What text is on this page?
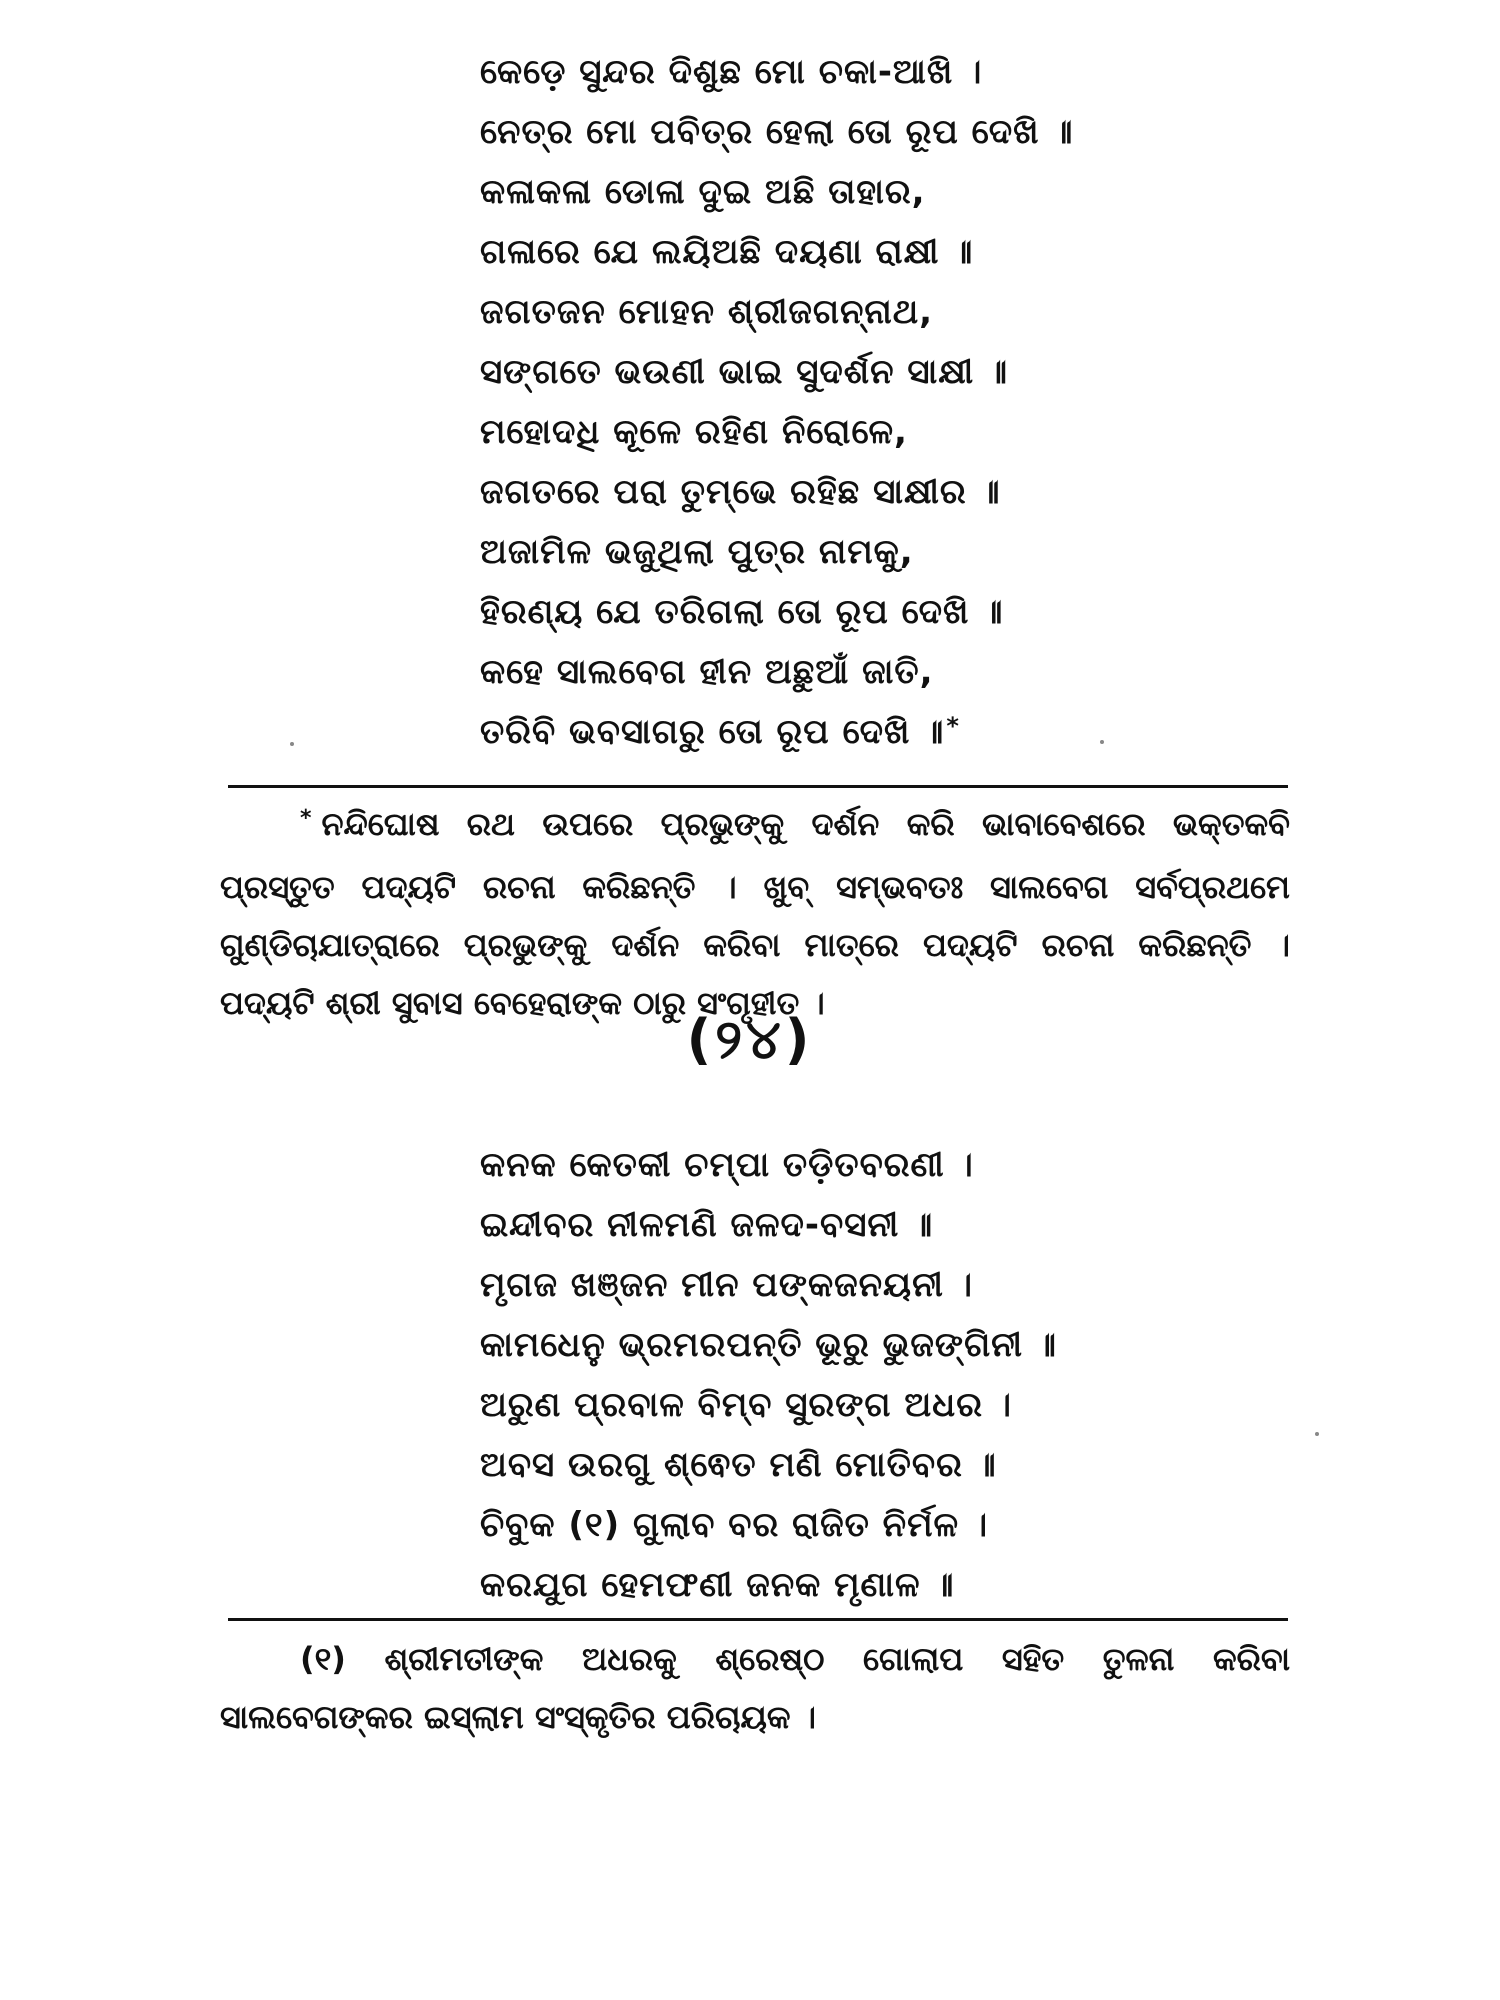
କେଡ଼େ ସୁନ୍ଦର ଦିଶୁଛ ମୋ ଚକା-ଆଖି ।
ନେତ୍ର ମୋ ପବିତ୍ର ହେଲା ତୋ ରୂପ ଦେଖି ॥
କଳାକଳା ଡୋଳା ଦୁଇ ଅଛି ତାହାର,
ଗଳାରେ ଯେ ଲୟିଅଛି ଦୟଣା ରାକ୍ଷୀ ॥
ଜଗତଜନ ମୋହନ ଶ୍ରୀଜଗନ୍ନାଥ,
ସଙ୍ଗତେ ଭଉଣୀ ଭାଇ ସୁଦର୍ଶନ ସାକ୍ଷୀ ॥
ମହୋଦଧି କୂଳେ ରହିଣ ନିରୋଳେ,
ଜଗତରେ ପରା ତୁମ୍ଭେ ରହିଛ ସାକ୍ଷୀର ॥
ଅଜାମିଳ ଭଜୁଥିଲା ପୁତ୍ର ନାମକୁ,
ହିରଣ୍ୟ ଯେ ତରିଗଲା ତୋ ରୂପ ଦେଖି ॥
କହେ ସାଲବେଗ ହୀନ ଅଛୁଆଁ ଜାତି,
ତରିବି ଭବସାଗରୁ ତୋ ରୂପ ଦେଖି ॥*
* ନନ୍ଦିଘୋଷ ରଥ ଉପରେ ପ୍ରଭୁଙ୍କୁ ଦର୍ଶନ କରି ଭାବାବେଶରେ ଭକ୍ତକବି ପ୍ରସ୍ତୁତ ପଦ୍ୟଟି ରଚନା କରିଛନ୍ତି । ଖୁବ୍ ସମ୍ଭବତଃ ସାଲବେଗ ସର୍ବପ୍ରଥମେ ଗୁଣ୍ଡିଚାଯାତ୍ରାରେ ପ୍ରଭୁଙ୍କୁ ଦର୍ଶନ କରିବା ମାତ୍ରେ ପଦ୍ୟଟି ରଚନା କରିଛନ୍ତି । ପଦ୍ୟଟି ଶ୍ରୀ ସୁବାସ ବେହେରାଙ୍କ ଠାରୁ ସଂଗୃହୀତ ।
(୨୪)
କନକ କେତକୀ ଚମ୍ପା ତଡ଼ିତବରଣୀ ।
ଇନ୍ଦୀବର ନୀଳମଣି ଜଳଦ-ବସନୀ ॥
ମୃଗଜ ଖଞ୍ଜନ ମୀନ ପଙ୍କଜନୟନୀ ।
କାମଧେନୁ ଭ୍ରମରପନ୍ତି ଭୂରୁ ଭୁଜଙ୍ଗିନୀ ॥
ଅରୁଣ ପ୍ରବାଳ ବିମ୍ବ ସୁରଙ୍ଗ ଅଧର ।
ଅବସ ଉରଗୁ ଶ୍ଵେତ ମଣି ମୋତିବର ॥
ଚିବୁକ (୧) ଗୁଲାବ ବର ରାଜିତ ନିର୍ମଳ ।
କରଯୁଗ ହେମଫଣୀ ଜନକ ମୃଣାଳ ॥
(୧) ଶ୍ରୀମତୀଙ୍କ ଅଧରକୁ ଶ୍ରେଷ୍ଠ ଗୋଲାପ ସହିତ ତୁଳନା କରିବା ସାଲବେଗଙ୍କର ଇସ୍ଲାମ ସଂସ୍କୃତିର ପରିଚାୟକ ।
